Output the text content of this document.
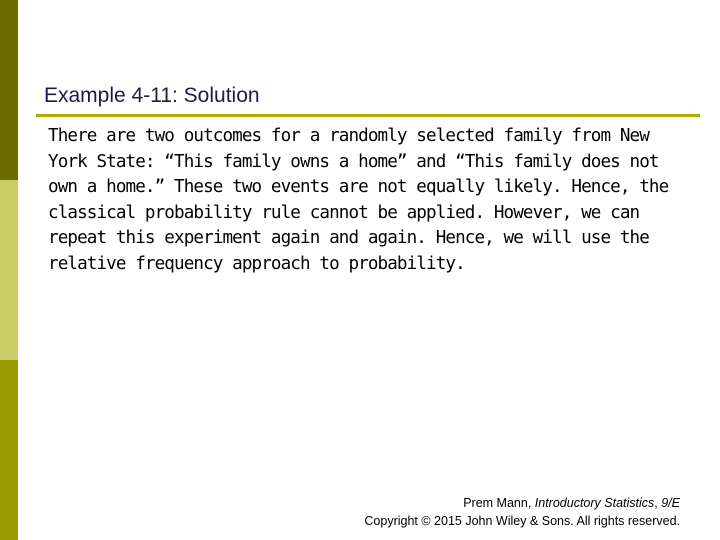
Example 4-11: Solution

There are two outcomes for a randomly selected family from New York State: “This family owns a home” and “This family does not own a home.” These two events are not equally likely. Hence, the classical probability rule cannot be applied. However, we can repeat this experiment again and again. Hence, we will use the relative frequency approach to probability.

Prem Mann, Introductory Statistics, 9/E
Copyright © 2015 John Wiley & Sons. All rights reserved.
